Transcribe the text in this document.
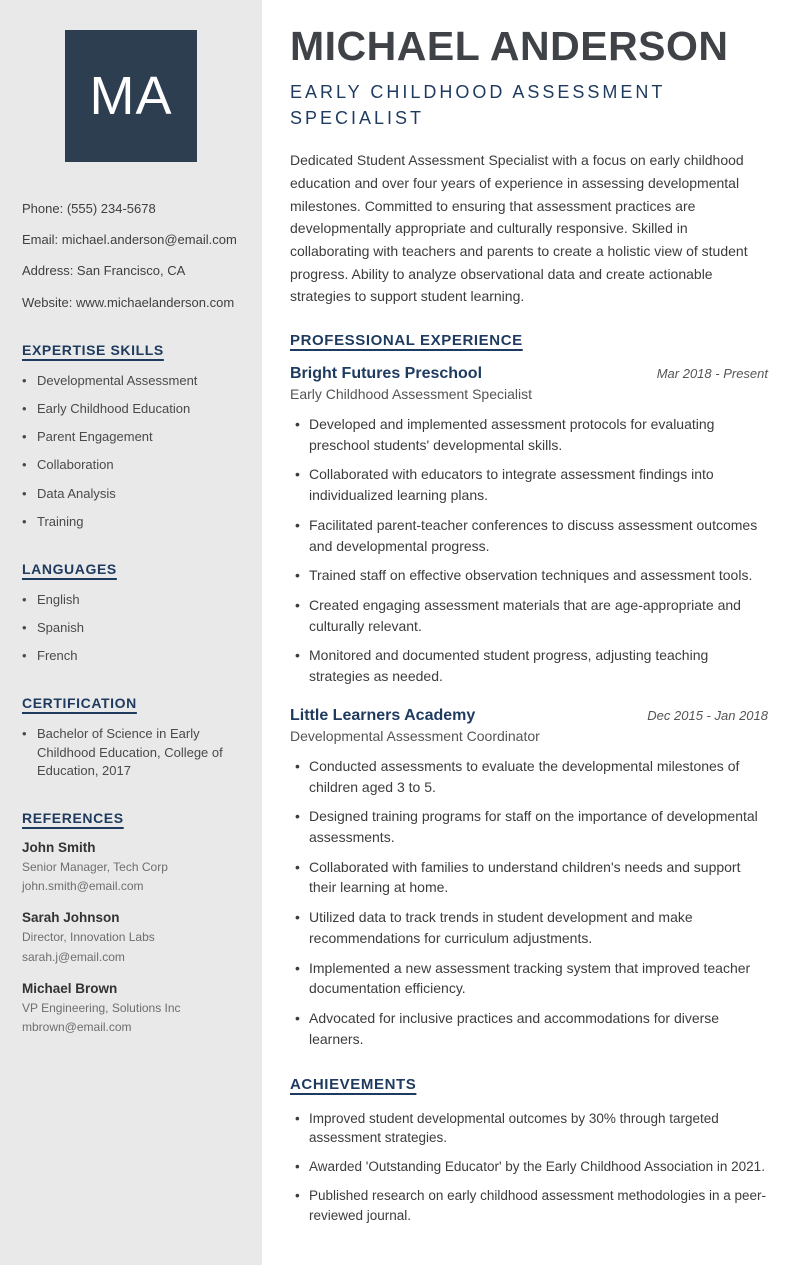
MA
Phone: (555) 234-5678
Email: michael.anderson@email.com
Address: San Francisco, CA
Website: www.michaelanderson.com
EXPERTISE SKILLS
• Developmental Assessment
• Early Childhood Education
• Parent Engagement
• Collaboration
• Data Analysis
• Training
LANGUAGES
• English
• Spanish
• French
CERTIFICATION
• Bachelor of Science in Early Childhood Education, College of Education, 2017
REFERENCES
John Smith
Senior Manager, Tech Corp
john.smith@email.com
Sarah Johnson
Director, Innovation Labs
sarah.j@email.com
Michael Brown
VP Engineering, Solutions Inc
mbrown@email.com
MICHAEL ANDERSON
EARLY CHILDHOOD ASSESSMENT SPECIALIST

Dedicated Student Assessment Specialist with a focus on early childhood education and over four years of experience in assessing developmental milestones. Committed to ensuring that assessment practices are developmentally appropriate and culturally responsive. Skilled in collaborating with teachers and parents to create a holistic view of student progress. Ability to analyze observational data and create actionable strategies to support student learning.

PROFESSIONAL EXPERIENCE
Bright Futures Preschool	Mar 2018 - Present
Early Childhood Assessment Specialist
• Developed and implemented assessment protocols for evaluating preschool students' developmental skills.
• Collaborated with educators to integrate assessment findings into individualized learning plans.
• Facilitated parent-teacher conferences to discuss assessment outcomes and developmental progress.
• Trained staff on effective observation techniques and assessment tools.
• Created engaging assessment materials that are age-appropriate and culturally relevant.
• Monitored and documented student progress, adjusting teaching strategies as needed.
Little Learners Academy	Dec 2015 - Jan 2018
Developmental Assessment Coordinator
• Conducted assessments to evaluate the developmental milestones of children aged 3 to 5.
• Designed training programs for staff on the importance of developmental assessments.
• Collaborated with families to understand children's needs and support their learning at home.
• Utilized data to track trends in student development and make recommendations for curriculum adjustments.
• Implemented a new assessment tracking system that improved teacher documentation efficiency.
• Advocated for inclusive practices and accommodations for diverse learners.
ACHIEVEMENTS
• Improved student developmental outcomes by 30% through targeted assessment strategies.
• Awarded 'Outstanding Educator' by the Early Childhood Association in 2021.
• Published research on early childhood assessment methodologies in a peer-reviewed journal.
